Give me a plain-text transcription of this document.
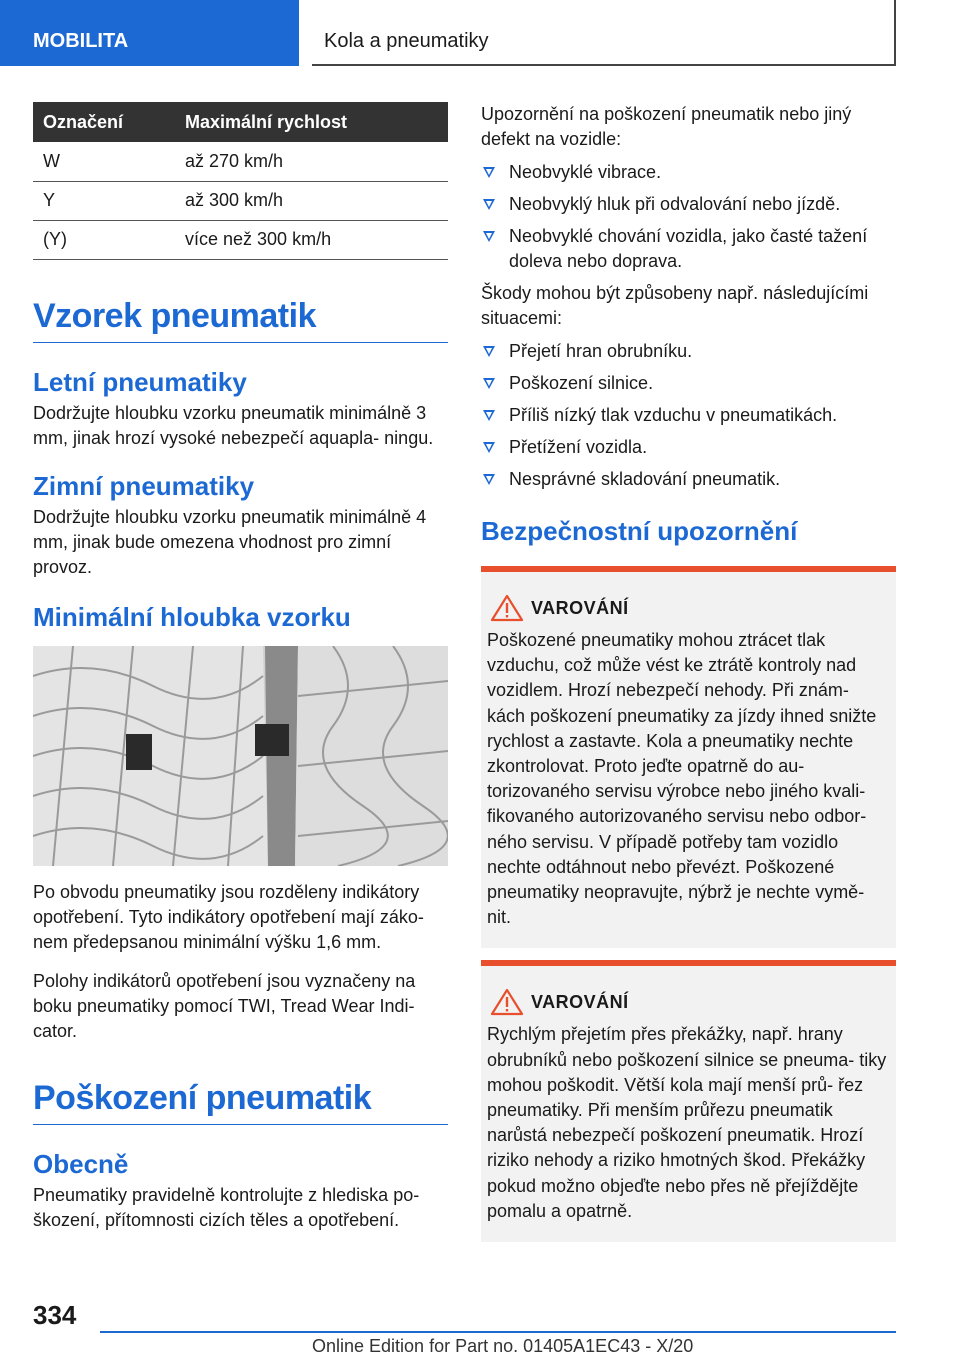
MOBILITA	Kola a pneumatiky
Označení	Maximální rychlost
W	až 270 km/h
Y	až 300 km/h
(Y)	více než 300 km/h
Vzorek pneumatik
Letní pneumatiky

Dodržujte hloubku vzorku pneumatik minimálně 3 mm, jinak hrozí vysoké nebezpečí aquapla- ningu.

Zimní pneumatiky

Dodržujte hloubku vzorku pneumatik minimálně 4 mm, jinak bude omezena vhodnost pro zimní provoz.

Minimální hloubka vzorku

Po obvodu pneumatiky jsou rozděleny indikátory opotřebení. Tyto indikátory opotřebení mají záko- nem předepsanou minimální výšku 1,6 mm.

Polohy indikátorů opotřebení jsou vyznačeny na boku pneumatiky pomocí TWI, Tread Wear Indi- cator.

Poškození pneumatik
Obecně

Pneumatiky pravidelně kontrolujte z hlediska po- škození, přítomnosti cizích těles a opotřebení.

Upozornění na poškození pneumatik nebo jiný defekt na vozidle:

Neobvyklé vibrace.
Neobvyklý hluk při odvalování nebo jízdě.
Neobvyklé chování vozidla, jako časté tažení doleva nebo doprava.

Škody mohou být způsobeny např. následujícími situacemi:

Přejetí hran obrubníku.
Poškození silnice.
Příliš nízký tlak vzduchu v pneumatikách.
Přetížení vozidla.
Nesprávné skladování pneumatik.
Bezpečnostní upozornění
VAROVÁNÍ

Poškozené pneumatiky mohou ztrácet tlak vzduchu, což může vést ke ztrátě kontroly nad vozidlem. Hrozí nebezpečí nehody. Při znám- kách poškození pneumatiky za jízdy ihned snižte rychlost a zastavte. Kola a pneumatiky nechte zkontrolovat. Proto jeďte opatrně do au- torizovaného servisu výrobce nebo jiného kvali- fikovaného autorizovaného servisu nebo odbor- ného servisu. V případě potřeby tam vozidlo nechte odtáhnout nebo převézt. Poškozené pneumatiky neopravujte, nýbrž je nechte vymě- nit.

VAROVÁNÍ

Rychlým přejetím přes překážky, např. hrany obrubníků nebo poškození silnice se pneuma- tiky mohou poškodit. Větší kola mají menší prů- řez pneumatiky. Při menším průřezu pneumatik narůstá nebezpečí poškození pneumatik. Hrozí riziko nehody a riziko hmotných škod. Překážky pokud možno objeďte nebo přes ně přejíždějte pomalu a opatrně.

334
Online Edition for Part no. 01405A1EC43 - X/20
